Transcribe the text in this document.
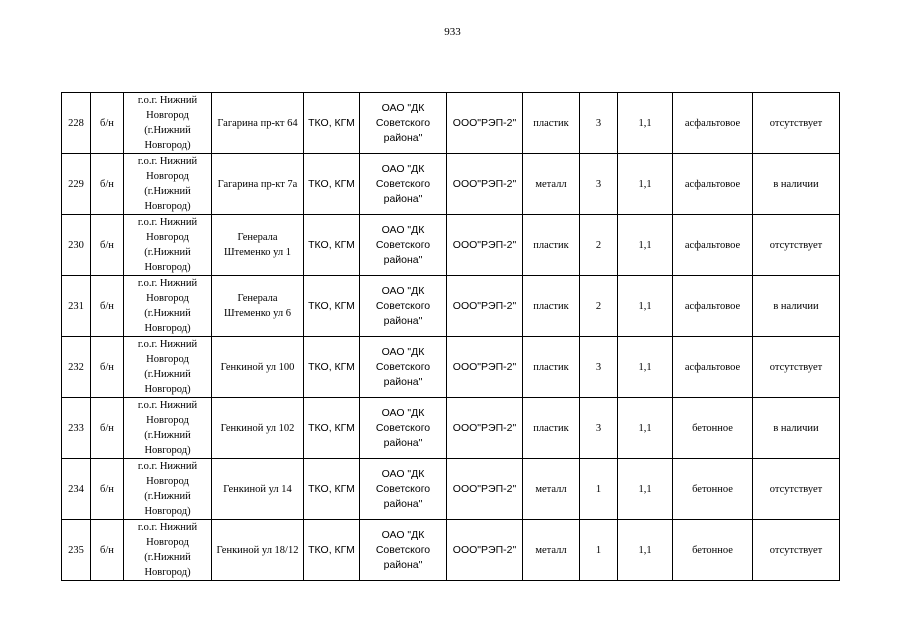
933
228	б/н	г.о.г. Нижний Новгород (г.Нижний Новгород)	Гагарина пр-кт 64	ТКО, КГМ	ОАО "ДК Советского района"	ООО"РЭП-2"	пластик	3	1,1	асфальтовое	отсутствует
229	б/н	г.о.г. Нижний Новгород (г.Нижний Новгород)	Гагарина пр-кт 7а	ТКО, КГМ	ОАО "ДК Советского района"	ООО"РЭП-2"	металл	3	1,1	асфальтовое	в наличии
230	б/н	г.о.г. Нижний Новгород (г.Нижний Новгород)	Генерала Штеменко ул 1	ТКО, КГМ	ОАО "ДК Советского района"	ООО"РЭП-2"	пластик	2	1,1	асфальтовое	отсутствует
231	б/н	г.о.г. Нижний Новгород (г.Нижний Новгород)	Генерала Штеменко ул 6	ТКО, КГМ	ОАО "ДК Советского района"	ООО"РЭП-2"	пластик	2	1,1	асфальтовое	в наличии
232	б/н	г.о.г. Нижний Новгород (г.Нижний Новгород)	Генкиной ул 100	ТКО, КГМ	ОАО "ДК Советского района"	ООО"РЭП-2"	пластик	3	1,1	асфальтовое	отсутствует
233	б/н	г.о.г. Нижний Новгород (г.Нижний Новгород)	Генкиной ул 102	ТКО, КГМ	ОАО "ДК Советского района"	ООО"РЭП-2"	пластик	3	1,1	бетонное	в наличии
234	б/н	г.о.г. Нижний Новгород (г.Нижний Новгород)	Генкиной ул 14	ТКО, КГМ	ОАО "ДК Советского района"	ООО"РЭП-2"	металл	1	1,1	бетонное	отсутствует
235	б/н	г.о.г. Нижний Новгород (г.Нижний Новгород)	Генкиной ул 18/12	ТКО, КГМ	ОАО "ДК Советского района"	ООО"РЭП-2"	металл	1	1,1	бетонное	отсутствует
